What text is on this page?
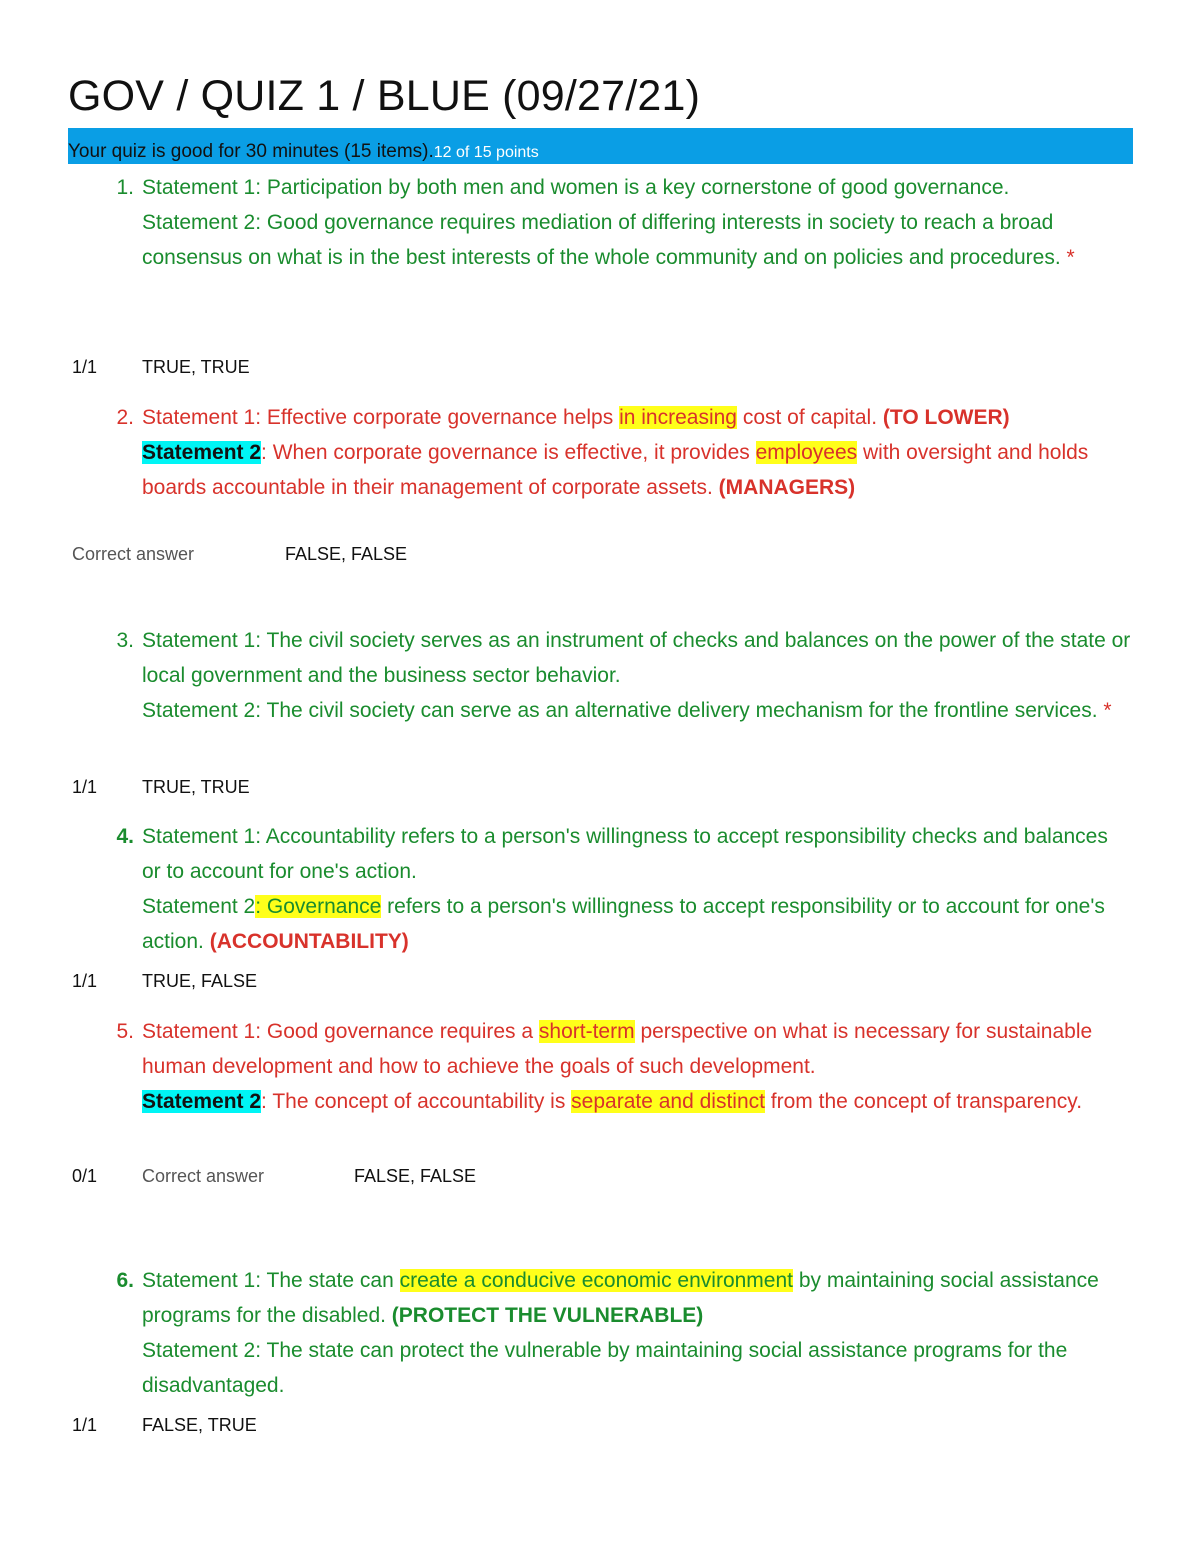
GOV / QUIZ 1 / BLUE (09/27/21)
Your quiz is good for 30 minutes (15 items).12 of 15 points
1. Statement 1: Participation by both men and women is a key cornerstone of good governance.
Statement 2: Good governance requires mediation of differing interests in society to reach a broad consensus on what is in the best interests of the whole community and on policies and procedures. *
1/1 TRUE, TRUE
2. Statement 1: Effective corporate governance helps in increasing cost of capital. (TO LOWER)
Statement 2: When corporate governance is effective, it provides employees with oversight and holds boards accountable in their management of corporate assets. (MANAGERS)
Correct answer	FALSE, FALSE
3. Statement 1: The civil society serves as an instrument of checks and balances on the power of the state or local government and the business sector behavior.
Statement 2: The civil society can serve as an alternative delivery mechanism for the frontline services. *
1/1 TRUE, TRUE
4. Statement 1: Accountability refers to a person's willingness to accept responsibility checks and balances or to account for one's action.
Statement 2: Governance refers to a person's willingness to accept responsibility or to account for one's action. (ACCOUNTABILITY)
1/1 TRUE, FALSE
5. Statement 1: Good governance requires a short-term perspective on what is necessary for sustainable human development and how to achieve the goals of such development.
Statement 2: The concept of accountability is separate and distinct from the concept of transparency.
0/1 Correct answer	FALSE, FALSE
6. Statement 1: The state can create a conducive economic environment by maintaining social assistance programs for the disabled. (PROTECT THE VULNERABLE)
Statement 2: The state can protect the vulnerable by maintaining social assistance programs for the disadvantaged.
1/1 FALSE, TRUE
